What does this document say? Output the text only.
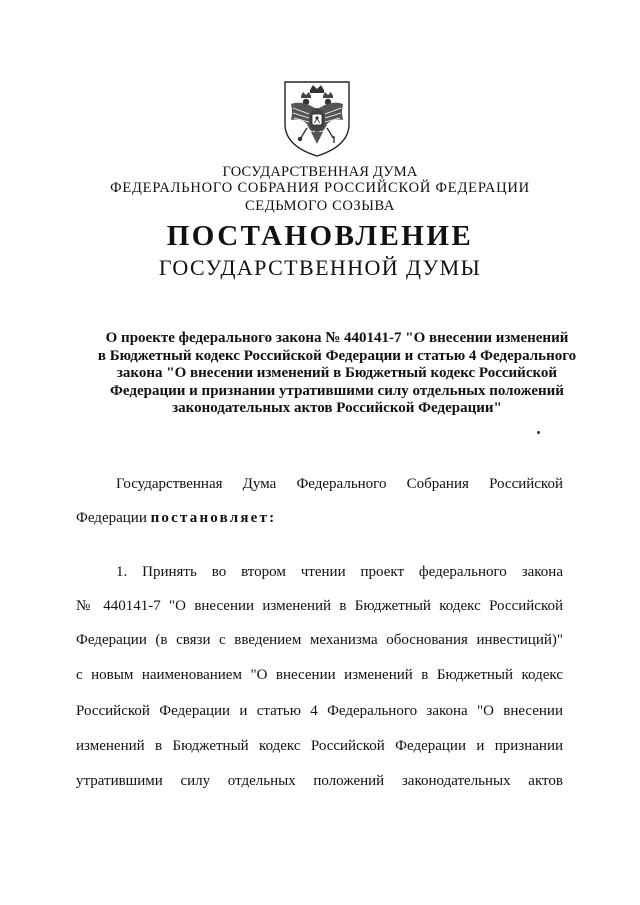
ГОСУДАРСТВЕННАЯ ДУМА

ФЕДЕРАЛЬНОГО СОБРАНИЯ РОССИЙСКОЙ ФЕДЕРАЦИИ

СЕДЬМОГО СОЗЫВА

ПОСТАНОВЛЕНИЕ

ГОСУДАРСТВЕННОЙ ДУМЫ

О проекте федерального закона № 440141-7 "О внесении изменений
в Бюджетный кодекс Российской Федерации и статью 4 Федерального
закона "О внесении изменений в Бюджетный кодекс Российской
Федерации и признании утратившими силу отдельных положений
законодательных актов Российской Федерации"

Государственная Дума Федерального Собрания Российской

Федерации постановляет:

1. Принять во втором чтении проект федерального закона

№ 440141-7 "О внесении изменений в Бюджетный кодекс Российской

Федерации (в связи с введением механизма обоснования инвестиций)"

с новым наименованием "О внесении изменений в Бюджетный кодекс

Российской Федерации и статью 4 Федерального закона "О внесении

изменений в Бюджетный кодекс Российской Федерации и признании

утратившими силу отдельных положений законодательных актов
